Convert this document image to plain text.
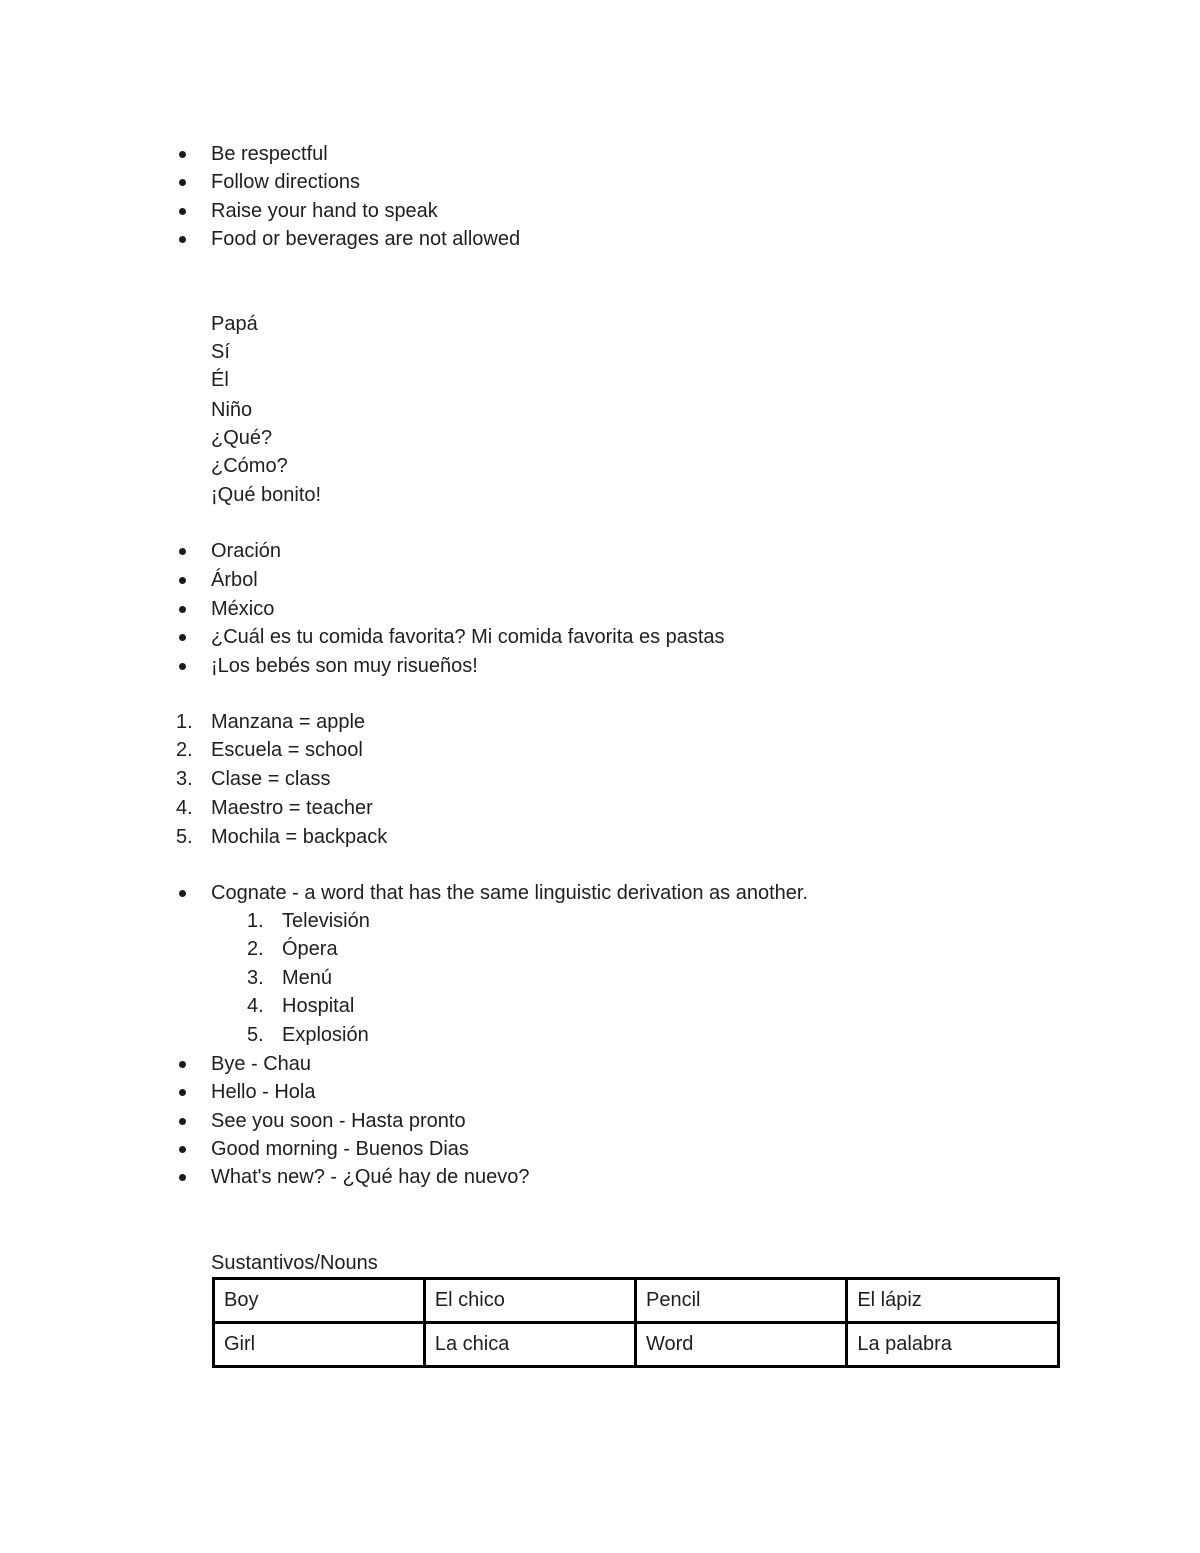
Be respectful
Follow directions
Raise your hand to speak
Food or beverages are not allowed
Papá
Sí
Él
Niño
¿Qué?
¿Cómo?
¡Qué bonito!
Oración
Árbol
México
¿Cuál es tu comida favorita? Mi comida favorita es pastas
¡Los bebés son muy risueños!
1. Manzana = apple
2. Escuela = school
3. Clase = class
4. Maestro = teacher
5. Mochila = backpack
Cognate - a word that has the same linguistic derivation as another.
1. Televisión
2. Ópera
3. Menú
4. Hospital
5. Explosión
Bye - Chau
Hello - Hola
See you soon - Hasta pronto
Good morning - Buenos Dias
What's new? - ¿Qué hay de nuevo?
Sustantivos/Nouns
Boy	El chico	Pencil	El lápiz
Girl	La chica	Word	La palabra
